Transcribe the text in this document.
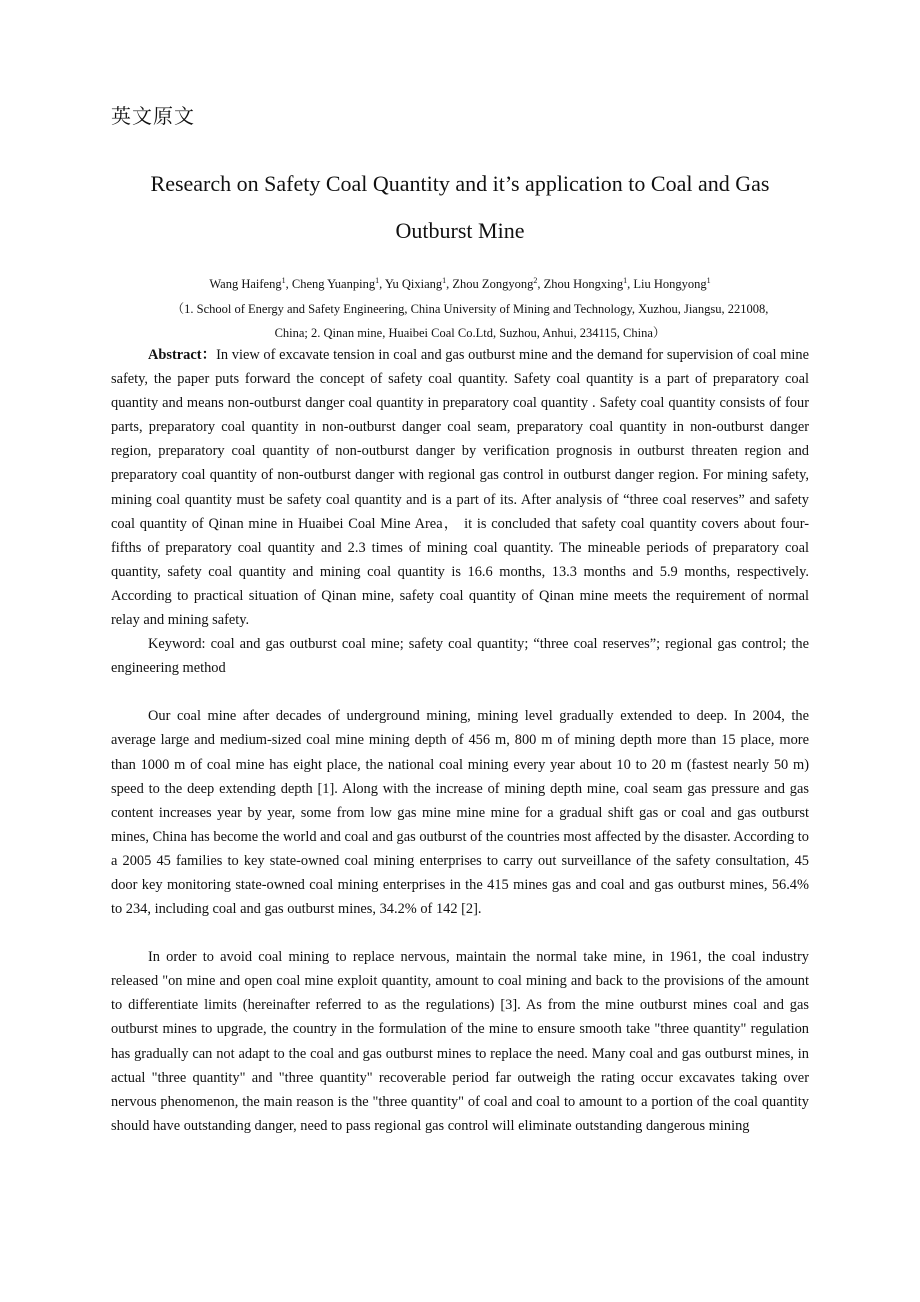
英文原文
Research on Safety Coal Quantity and it’s application to Coal and Gas
Outburst Mine
Wang Haifeng$^1$, Cheng Yuanping$^1$, Yu Qixiang$^1$, Zhou Zongyong$^2$, Zhou Hongxing$^1$, Liu Hongyong$^1$
（1. School of Energy and Safety Engineering, China University of Mining and Technology, Xuzhou, Jiangsu, 221008,
China; 2. Qinan mine, Huaibei Coal Co.Ltd, Suzhou, Anhui, 234115, China）

Abstract：In view of excavate tension in coal and gas outburst mine and the demand for supervision of coal mine safety, the paper puts forward the concept of safety coal quantity. Safety coal quantity is a part of preparatory coal quantity and means non-outburst danger coal quantity in preparatory coal quantity . Safety coal quantity consists of four parts, preparatory coal quantity in non-outburst danger coal seam, preparatory coal quantity in non-outburst danger region, preparatory coal quantity of non-outburst danger by verification prognosis in outburst threaten region and preparatory coal quantity of non-outburst danger with regional gas control in outburst danger region. For mining safety, mining coal quantity must be safety coal quantity and is a part of its. After analysis of “three coal reserves” and safety coal quantity of Qinan mine in Huaibei Coal Mine Area， it is concluded that safety coal quantity covers about four-fifths of preparatory coal quantity and 2.3 times of mining coal quantity. The mineable periods of preparatory coal quantity, safety coal quantity and mining coal quantity is 16.6 months, 13.3 months and 5.9 months, respectively. According to practical situation of Qinan mine, safety coal quantity of Qinan mine meets the requirement of normal relay and mining safety.

Keyword: coal and gas outburst coal mine; safety coal quantity; “three coal reserves”; regional gas control; the engineering method

Our coal mine after decades of underground mining, mining level gradually extended to deep. In 2004, the average large and medium-sized coal mine mining depth of 456 m, 800 m of mining depth more than 15 place, more than 1000 m of coal mine has eight place, the national coal mining every year about 10 to 20 m (fastest nearly 50 m) speed to the deep extending depth [1]. Along with the increase of mining depth mine, coal seam gas pressure and gas content increases year by year, some from low gas mine mine mine for a gradual shift gas or coal and gas outburst mines, China has become the world and coal and gas outburst of the countries most affected by the disaster. According to a 2005 45 families to key state-owned coal mining enterprises to carry out surveillance of the safety consultation, 45 door key monitoring state-owned coal mining enterprises in the 415 mines gas and coal and gas outburst mines, 56.4% to 234, including coal and gas outburst mines, 34.2% of 142 [2].

In order to avoid coal mining to replace nervous, maintain the normal take mine, in 1961, the coal industry released "on mine and open coal mine exploit quantity, amount to coal mining and back to the provisions of the amount to differentiate limits (hereinafter referred to as the regulations) [3]. As from the mine outburst mines coal and gas outburst mines to upgrade, the country in the formulation of the mine to ensure smooth take "three quantity" regulation has gradually can not adapt to the coal and gas outburst mines to replace the need. Many coal and gas outburst mines, in actual "three quantity" and "three quantity" recoverable period far outweigh the rating occur excavates taking over nervous phenomenon, the main reason is the "three quantity" of coal and coal to amount to a portion of the coal quantity should have outstanding danger, need to pass regional gas control will eliminate outstanding dangerous mining
